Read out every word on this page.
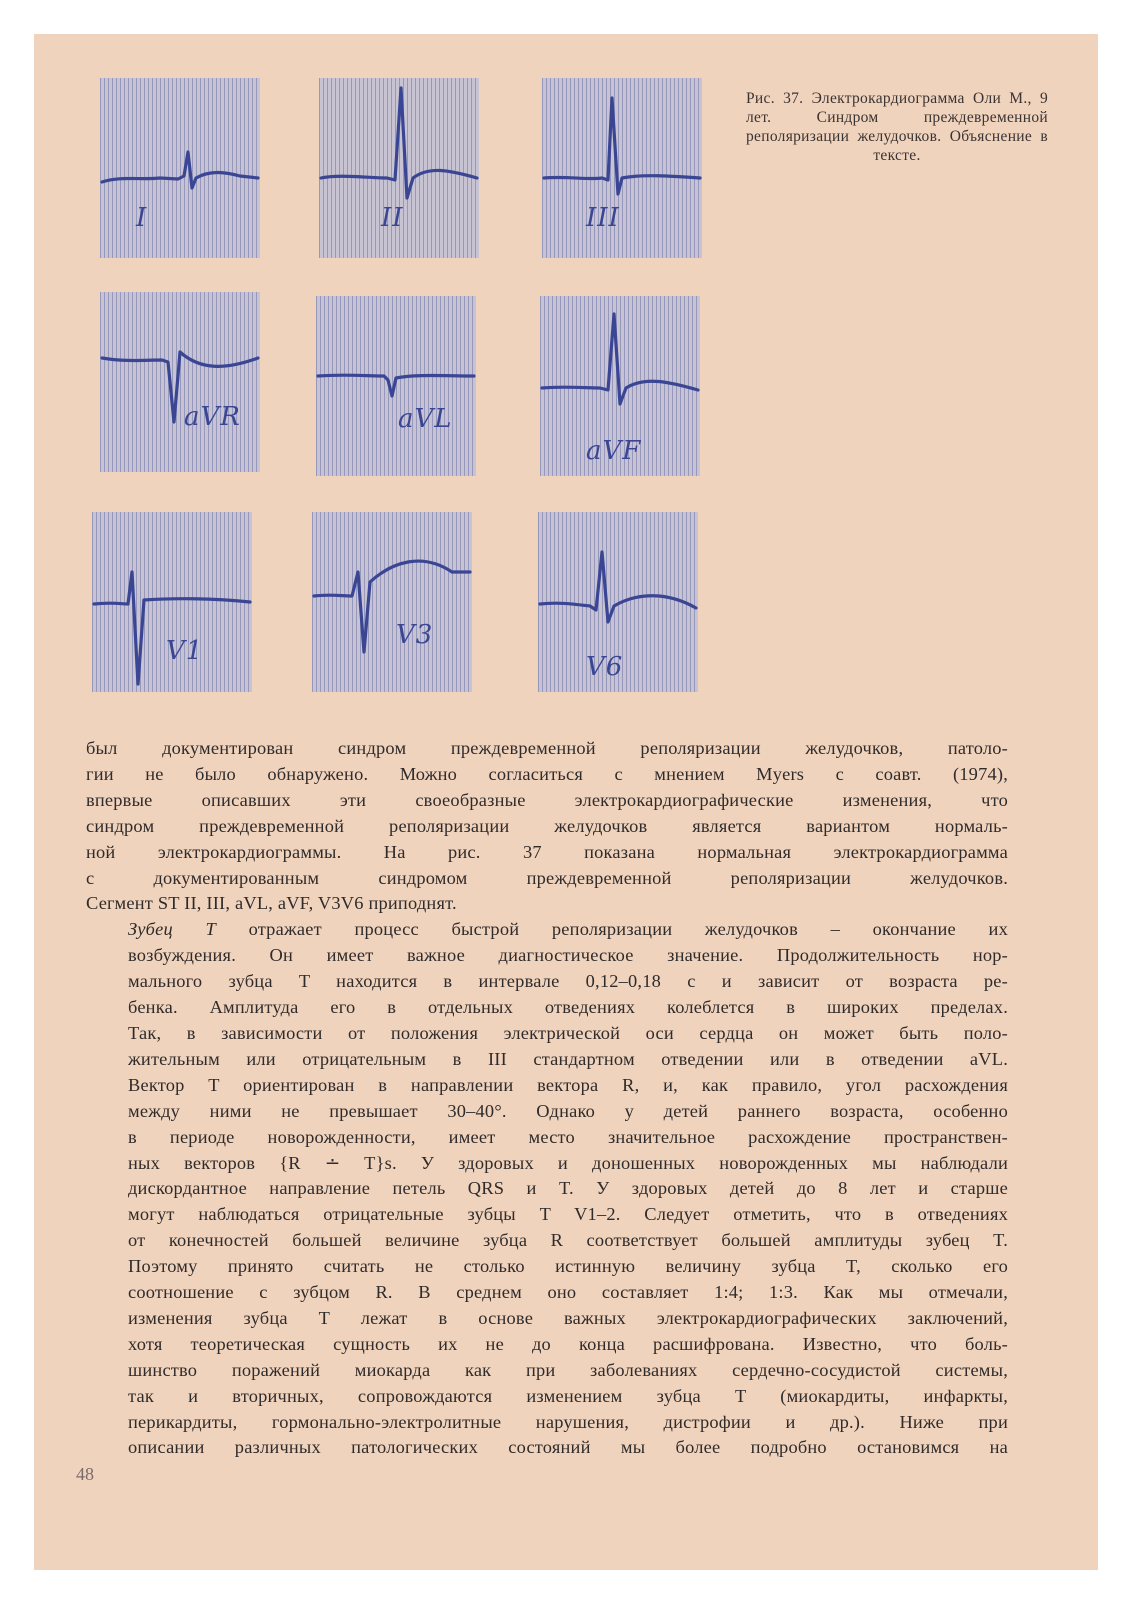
I	II	III
aVR	aVL
aVF
V1
V3
V6
Рис. 37. Электрокардиограмма Оли М., 9 лет. Синдром преждевременной реполяризации желудочков. Объяснение в тексте.

был документирован синдром преждевременной реполяризации желудочков, патоло-
гии не было обнаружено. Можно согласиться с мнением Myers с соавт. (1974),
впервые описавших эти своеобразные электрокардиографические изменения, что
синдром преждевременной реполяризации желудочков является вариантом нормаль-
ной электрокардиограммы. На рис. 37 показана нормальная электрокардиограмма
с документированным синдромом преждевременной реполяризации желудочков.
Сегмент ST II, III, aVL, aVF, V3V6 приподнят.

Зубец T отражает процесс быстрой реполяризации желудочков – окончание их
возбуждения. Он имеет важное диагностическое значение. Продолжительность нор-
мального зубца T находится в интервале 0,12–0,18 с и зависит от возраста ре-
бенка. Амплитуда его в отдельных отведениях колеблется в широких пределах.
Так, в зависимости от положения электрической оси сердца он может быть поло-
жительным или отрицательным в III стандартном отведении или в отведении aVL.
Вектор T ориентирован в направлении вектора R, и, как правило, угол расхождения
между ними не превышает 30–40°. Однако у детей раннего возраста, особенно
в периоде новорожденности, имеет место значительное расхождение пространствен-
ных векторов {R ∸ T}s. У здоровых и доношенных новорожденных мы наблюдали
дискордантное направление петель QRS и T. У здоровых детей до 8 лет и старше
могут наблюдаться отрицательные зубцы T V1–2. Следует отметить, что в отведениях
от конечностей большей величине зубца R соответствует большей амплитуды зубец T.
Поэтому принято считать не столько истинную величину зубца T, сколько его
соотношение с зубцом R. В среднем оно составляет 1:4; 1:3. Как мы отмечали,
изменения зубца T лежат в основе важных электрокардиографических заключений,
хотя теоретическая сущность их не до конца расшифрована. Известно, что боль-
шинство поражений миокарда как при заболеваниях сердечно-сосудистой системы,
так и вторичных, сопровождаются изменением зубца T (миокардиты, инфаркты,
перикардиты, гормонально-электролитные нарушения, дистрофии и др.). Ниже при
описании различных патологических состояний мы более подробно остановимся на

48
